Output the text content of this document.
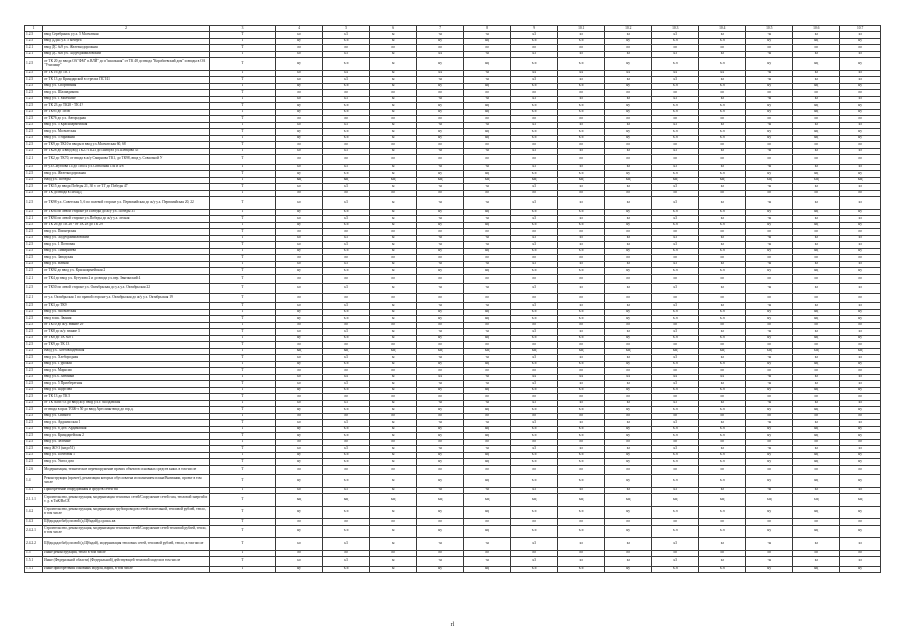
1	2	3	4	5	6	7	8	9	10.1	10.2	10.3	10.4	10.5	10.6	10.7
1.2.5	ввод Серебрянск у.у.х. 5 Молчатняя	Т	ьо	ь3	ы	-ы	-ы	ь3	ьз	ьз	ь3	ьз	-ы	ьз	ьз
1.2.5	ввод ДДШ у.х. 5 кочерга	Т	ну	ъ.ч	ы	ну	нц	ъ.ч	ъ.ч	ну	ъ.ч	ъ.ч	ну	нц	ну
1.2.1	ввод ДС №9 у.х. Железнодорожная	Т	оо	оо	оо	оо	оо	оо	оо	оо	оо	оо	оо	оо	оо
1.2.1	ввод ДС №6 у.х. Ходубдамайловский	Т	ьо	ь3	ы	ь4	-ы	ь3	ьз	ьз	ь3	ьз	-ы	ьз	ьз
1.2.5	от ТК 20 до ввода ОА"ФМ" п.ВЛЙ" до п"школьная" от ТК 48 до ввода "Кораблевский дом" и вводы в ОА "Училище"	Т	ну	ъ.ч	ы	ну	нц	ъ.ч	ъ.ч	ну	ъ.ч	ъ.ч	ну	нц	ну
1.2.5	от ТК 16 до ТК 1	Т	ьо	ь4	ы	ь4	-ы	ь4	ь4	ь4	ь4	ь4	-ы	ьз	ьз
1.2.5	от ТК 13 до Криндарской в стрелах ПСТ41	Т	ьо	ь3	ы	-ы	-ы	ь3	ьз	ьз	ь3	ьз	-ы	ьз	ьз
1.2.5	ввод у.х. Спортивная	Т	ну	ъ.ч	ы	ну	нц	ъ.ч	ъ.ч	ну	ъ.ч	ъ.ч	ну	нц	ну
1.2.5	ввод у.х. Шалавдикова	Т	оо	оо	оо	оо	оо	оо	оо	оо	оо	оо	оо	оо	оо
1.2.5	ввод у.х. 1 Молчалке	Т	ьо	ь3	ы	-ы	-ы	ь3	ьз	ьз	ь3	ьз	-ы	ьз	ьз
1.2.5	от ТК 23 до ТК28 - ТК 4?	Т	ну	ъ.ч	ы	ну	нц	ъ.ч	ъ.ч	ну	ъ.ч	ъ.ч	ну	нц	ну
1.2.5	от ТК95 до ТК66	Т	ну	ъ.ч	ы	ну	нц	ъ.ч	ъ.ч	ну	ъ.ч	ъ.ч	ну	нц	ну
1.2.5	от ТК76 до у.х. Авторадная	Т	оо	оо	оо	оо	оо	оо	оо	оо	оо	оо	оо	оо	оо
1.2.5	ввод у.х. 5 Красноармейская	Т	ьо	ь3	ы	-ы	-ы	ь3	ьз	ьз	ь3	ьз	-ы	ьз	ьз
1.2.5	ввод у.х. Молчатская	Т	ну	ъ.ч	ы	ну	нц	ъ.ч	ъ.ч	ну	ъ.ч	ъ.ч	ну	нц	ну
1.2.5	ввод у.х. 5 гаражная	Т	ну	ъ.ч	ы	ну	нц	ъ.ч	ъ.ч	ну	ъ.ч	ъ.ч	ну	нц	ну
1.2.5	от ТК9 до ТК10 и вводы в ввод у.х.Молчатская 60, 68	Т	оо	оо	оо	оо	оо	оо	оо	оо	оо	оо	оо	оо	оо
1.2.5	от ТК28 до 4 ввод вод ТК27/ТК23 до Шипулл у.х.Шевцова 35	Т	ьо	ь3	ы	-ы	-ы	ь3	ьз	ьз	ь3	ьз	-ы	ьз	ьз
1.2.1	от ТК2 до ТК70, от ввода в ж/у Смирнова ТК1, до ТК98, ввод у. Совхозной У	Т	оо	оо	оо	оо	оо	оо	оо	оо	оо	оо	оо	оо	оо
1.2.5	от у.х.Смуглова 14 до ТК6/4 у.х.Совхозная 15к и 4/8	Т	ьо	ь3	ы	-ы	-ы	ь3	ьз	ьз	ь3	ьз	-ы	ьз	ьз
1.2.5	ввод у.х. Железнодорожная	Т	ну	ъ.ч	ы	ну	нц	ъ.ч	ъ.ч	ну	ъ.ч	ъ.ч	ну	нц	ну
1.2.5	Ввод у.х. Победы	Т	ьщ	ьщ	ьщ	ьщ	ьщ	ьщ	ьщ	ьщ	ьщ	ьщ	ьщ	ьщ	ьщ
1.2.5	от ТК15 до ввода Победы 21, 30 т. от ТГ до Победы 47	Т	ьо	ь3	ы	-ы	-ы	ь3	ьз	ьз	ь3	ьз	-ы	ьз	ьз
1.2.5	от ТК до ввода в ПНЩД	Т	оо	оо	оо	оо	оо	оо	оо	оо	оо	оо	оо	оо	оо
1.2.5	от ТК98 у.х. Советская 5, 6 по полевой стороне у.х. Первомайская до ж/у у.х. Первомайская 20, 22	Т	ьо	ь3	ы	-ы	-ы	ь3	ьз	ьз	ь3	ьз	-ы	ьз	ьз
1.2.5	от ТК94 по левой стороне ул Победы до ж/у у.х. Победы 31	Т	ну	ъ.ч	ы	ну	нц	ъ.ч	ъ.ч	ну	ъ.ч	ъ.ч	ну	нц	ну
1.2.1	от ТК94 по левой стороне у.х.Победы до ж/у у.х. лесная	Т	ьо	ь3	ы	-ы	-ы	ь3	ьз	ьз	ь3	ьз	-ы	ьз	ьз
1.2.5	от ТК 26 до ТК 28 - от ТК 28 до ТК 29	Т	ну	ъ.ч	ы	ну	нц	ъ.ч	ъ.ч	ну	ъ.ч	ъ.ч	ну	нц	ну
1.2.5	ввод у.х. Пионерская	Т	оо	оо	оо	оо	оо	оо	оо	оо	оо	оо	оо	оо	оо
1.2.5	ввод у.х. Ходубдамайловский	Т	ьо	ь3	ы	-ы	-ы	ь3	ьз	ьз	ь3	ьз	-ы	ьз	ьз
1.2.5	ввод у.х. 1 Почтовая	Т	ьо	ь3	ы	-ы	-ы	ь3	ьз	ьз	ь3	ьз	-ы	ьз	ьз
1.2.5	ввод у.х. Тимирязева	Т	ну	ъ.ч	ы	ну	нц	ъ.ч	ъ.ч	ну	ъ.ч	ъ.ч	ну	нц	ну
1.2.5	ввод у.х. Заводская	Т	оо	оо	оо	оо	оо	оо	оо	оо	оо	оо	оо	оо	оо
1.2.5	ввод у.х. Ватная	Т	ьо	ь3	ы	-ы	-ы	ь3	ьз	ьз	ь3	ьз	-ы	ьз	ьз
1.2.5	от ТК92 до ввод у.х. Красноармейская 2	Т	ну	ъ.ч	ы	ну	нц	ъ.ч	ъ.ч	ну	ъ.ч	ъ.ч	ну	нц	ну
1.2.1	от ТК4 до ввод у.х. Кутузова 2 и до ввода у.х.пер. Звягинский 4	Т	оо	оо	оо	оо	оо	оо	оо	оо	оо	оо	оо	оо	оо
1.2.5	от ТК50 по левой стороне у.х. Октябрьская до у.х.у.х. Октябрьская 22	Т	ьо	ь3	ы	-ы	-ы	ь3	ьз	ьз	ь3	ьз	-ы	ьз	ьз
1.2.1	от у.х. Октябрьская 1 по правой стороне у.х. Октябрьская до ж/у у.х. Октябрьская 19	Т	оо	оо	оо	оо	оо	оо	оо	оо	оо	оо	оо	оо	оо
1.2.5	от ТК3 до ТК9	Т	ьо	ь3	ы	-ы	-ы	ь3	ьз	ьз	ь3	ьз	-ы	ьз	ьз
1.2.5	ввод у.х. Молчатская	Т	ну	ъ.ч	ы	ну	нц	ъ.ч	ъ.ч	ну	ъ.ч	ъ.ч	ну	нц	ну
1.2.5	ввод в шк. Звания	Т	ну	ъ.ч	ы	ну	нц	ъ.ч	ъ.ч	ну	ъ.ч	ъ.ч	ну	нц	ну
1.2.5	от ТК10 до ж/у. звание 29	Т	оо	оо	оо	оо	оо	оо	оо	оо	оо	оо	оо	оо	оо
1.2.5	от ТК8 до ж/у. звание 3	Т	ьо	ь3	ы	-ы	-ы	ь3	ьз	ьз	ь3	ьз	-ы	ьз	ьз
1.2.5	от ТК8 до ТК №8 1	Т	ну	ъ.ч	ы	ну	нц	ъ.ч	ъ.ч	ну	ъ.ч	ъ.ч	ну	нц	ну
1.2.5	от ТК9 до ТК 13	Т	оо	оо	оо	оо	оо	оо	оо	оо	оо	оо	оо	оо	оо
1.2.5	Ввод у.х. Хоттовладевская	Т	ьщ	ьщ	ьщ	ьщ	ьщ	ьщ	ьщ	ьщ	ьщ	ьщ	ьщ	ьщ	ьщ
1.2.5	ввод у.х. Хлебородная	Т	ьо	ь3	ы	-ы	-ы	ь3	ьз	ьз	ь3	ьз	-ы	ьз	ьз
1.2.5	ввод у.х. 1 урожая	Т	ну	ъ.ч	ы	ну	нц	ъ.ч	ъ.ч	ну	ъ.ч	ъ.ч	ну	нц	ну
1.2.5	ввод у.х. Марксии	Т	оо	оо	оо	оо	оо	оо	оо	оо	оо	оо	оо	оо	оо
1.2.5	ввод у.х.х. Заёмный	Т	ьо	ь4	ы	ь4	-ы	ь4	ь4	ь4	ь4	ь4	-ы	ьз	ьз
1.2.5	ввод у.х. 5 Приоберегная	Т	ьо	ь3	ы	-ы	-ы	ь3	ьз	ьз	ь3	ьз	-ы	ьз	ьз
1.2.5	ввод у.х. Щорсова	Т	ну	ъ.ч	ы	ну	нц	ъ.ч	ъ.ч	ну	ъ.ч	ъ.ч	ну	нц	ну
1.2.5	от ТК 13 до ТК 5	Т	оо	оо	оо	оо	оо	оо	оо	оо	оо	оо	оо	оо	оо
1.2.5	от ТК №8К-53 до ввод ж/у. ввод у.х.г. Молдавская	Т	ьо	ь3	ы	-ы	-ы	ь3	ьз	ьз	ь3	ьз	-ы	ьз	ьз
1.2.5	от ввода в прах ТОЖ-з 50 до ввод Артслиан-ввод до гор.д.	Т	ну	ъ.ч	ы	ну	нц	ъ.ч	ъ.ч	ну	ъ.ч	ъ.ч	ну	нц	ну
1.2.5	ввод у.х. Спикого	Т	оо	оо	оо	оо	оо	оо	оо	оо	оо	оо	оо	оо	оо
1.2.5	ввод у.х. Ардамасская 1	Т	ьо	ь3	ы	-ы	-ы	ь3	ьз	ьз	ь3	ьз	-ы	ьз	ьз
1.2.5	ввод у.х. 8 Дел. Ардамаская	Т	ну	ъ.ч	ы	ну	нц	ъ.ч	ъ.ч	ну	ъ.ч	ъ.ч	ну	нц	ну
1.2.5	ввод у.х. Криндарейская 2	Т	ну	ъ.ч	ы	ну	нц	ъ.ч	ъ.ч	ну	ъ.ч	ъ.ч	ну	нц	ну
1.2.5	ввод у.х. Зелёные	Т	оо	оо	оо	оо	оо	оо	оо	оо	оо	оо	оо	оо	оо
1.2.5	ввод ЖЭ 3 (нидо51)	Т	ьо	ь3	ы	-ы	-ы	ь3	ьз	ьз	ь3	ьз	-ы	ьз	ьз
1.2.5	ввод у.х. Почтовая 1	Т	ну	ъ.ч	ы	ну	нц	ъ.ч	ъ.ч	ну	ъ.ч	ъ.ч	ну	нц	ну
1.2.5	ввод у.х. Уктол дом	Т	ну	ъ.ч	ы	ну	нц	ъ.ч	ъ.ч	ну	ъ.ч	ъ.ч	ну	нц	ну
1.2.6	Модернизация, техническое перевооружение прочих объектов основных средств кнкм. в том числе	Т	оо	оо	оо	оо	оо	оо	оо	оо	оо	оо	оо	оо	оо
1.4	Реконструкция (прочее), реализация которых обусловлена исполнением плана/Вызвании, проект в том числе	Т	ну	ъ.ч	ы	ну	нц	ъ.ч	ъ.ч	ну	ъ.ч	ъ.ч	ну	нц	ну
1.4.1	Приобретение оборудования и средств сетей тш	Т	ьо	ь3	ы	-ы	-ы	ь3	ьз	ьз	ь3	ьз	-ы	ьз	ьз
2.1.1.1	Строительство, реконструкция, модернизация тепловых сетей/Сооружение сетей газа, тепловой энергий и т. д. в ТиК/ВоСЕ	Т	ьщ	ьщ	ьщ	ьщ	ьщ	ьщ	ьщ	ьщ	ьщ	ьщ	ьщ	ьщ	ьщ
1.4.2	Строительство, реконструкция, модернизация трубопроводов сетей и котельной, тепловой рублей, тепло, в том числе	Т	ну	ъ.ч	ы	ну	нц	ъ.ч	ъ.ч	ну	ъ.ч	ъ.ч	ну	нц	ну
1.4.3	Щбдкдадасбабд полюй (д.Щбадай)д.сдаш.ь.кв	Т	оо	оо	оо	оо	оо	оо	оо	оо	оо	оо	оо	оо	оо
2.4.2.1	Строительство, реконструкция, модернизация тепловых сетей/Сооружение сетей тепловой рублей, тепло, в том числе	Т	ну	ъ.ч	ы	ну	нц	ъ.ч	ъ.ч	ну	ъ.ч	ъ.ч	ну	нц	ну
2.4.2.2	Щбдкдадасбабд полюй (д.Щбадай), модернизация тепловых сетей, тепловой рублей, тепло, в том числе	Т	ьо	ь3	ы	-ы	-ы	ь3	ьз	ьз	ь3	ьз	-ы	ьз	ьз
1.5	Иные реконструкции, тепло в том числе	Т	оо	оо	оо	оо	оо	оо	оо	оо	оо	оо	оо	оо	оо
1.5.1	Иные (Федеральной области) (Федеральной) действующей тепловой модели в том числе	Т	ьо	ь3	ы	-ы	-ы	ь3	ьз	ьз	ь3	ьз	-ы	ьз	ьз
1.5.1	Иные приобретения основных модуля, варих, в том числе	Т	ну	ъ.ч	ы	ну	нц	ъ.ч	ъ.ч	ну	ъ.ч	ъ.ч	ну	нц	ну
rl
